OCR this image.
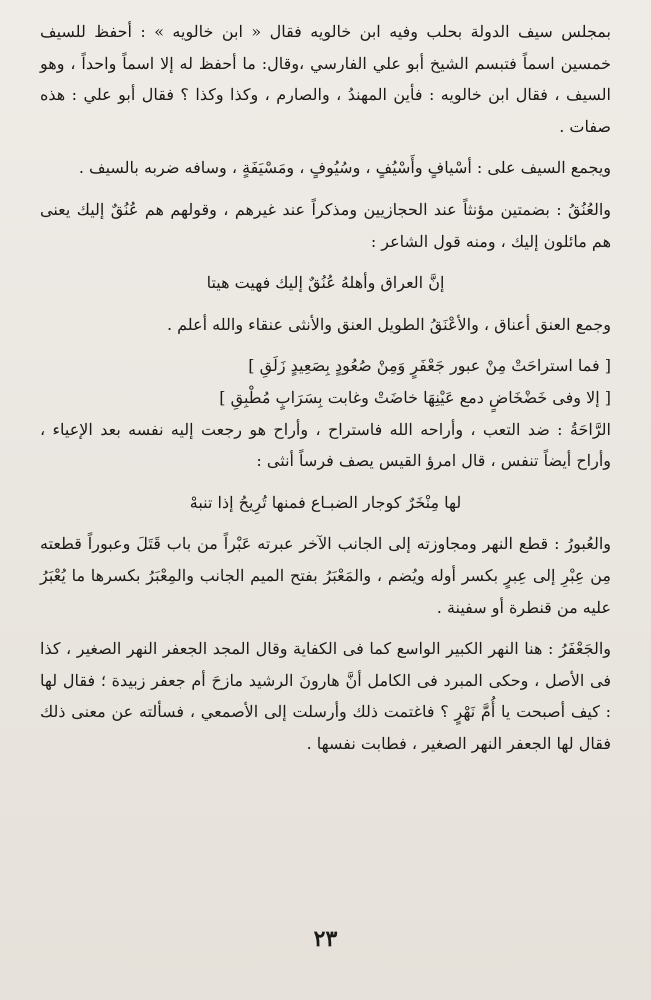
بمجلس سيف الدولة بحلب وفيه ابن خالويه فقال « ابن خالويه » : أحفظ للسيف خمسين اسماً فتبسم الشيخ أبو علي الفارسي ،وقال: ما أحفظ له إلا اسماً واحداً ، وهو السيف ، فقال ابن خالويه : فأين المهندُ ، والصارم ، وكذا وكذا ؟ فقال أبو علي : هذه صفات .

ويجمع السيف على : أسْيافٍ وأَسْيُفٍ ، وسُيُوفٍ ، ومَسْيَفَةٍ ، وسافه ضربه بالسيف .

والعُنُقُ : بضمتين مؤنثاً عند الحجازيين ومذكراً عند غيرهم ، وقولهم هم عُنُقٌ إليك يعنى هم مائلون إليك ، ومنه قول الشاعر :

إنَّ العراق وأهلهُ عُنُقٌ إليك فهيت هيتا

وجمع العنق أعناق ، والأعْنَقُ الطويل العنق والأنثى عنقاء والله أعلم .

[ فما استراحَتْ مِنْ عبور جَعْفَرٍ وَمِنْ صُعُودٍ بِصَعِيدٍ زَلَقِ ]

[ إلا وفى خَضْخَاضٍ دمع عَيْنِهَا خاضَتْ وغابت بِسَرَابٍ مُطْبِقِ ]

الرَّاحَةُ : ضد التعب ، وأراحه الله فاستراح ، وأراح هو رجعت إليه نفسه بعد الإعياء ، وأراح أيضاً تنفس ، قال امرؤ القيس يصف فرساً أنثى :

لها مِنْخَرٌ كوجار الضبـاع فمنها تُرِيحُ إذا تنبهْ

والعُبورُ : قطع النهر ومجاوزته إلى الجانب الآخر عبرته عَبْراً من باب قَتَلَ وعبوراً قطعته مِن عِبْرِ إلى عِبرٍ بكسر أوله ويُضم ، والمَعْبَرُ بفتح الميم الجانب والمِعْبَرُ بكسرها ما يُعْبَرُ عليه من قنطرة أو سفينة .

والجَعْفَرُ : هنا النهر الكبير الواسع كما فى الكفاية وقال المجد الجعفر النهر الصغير ، كذا فى الأصل ، وحكى المبرد فى الكامل أنَّ هارونَ الرشيد مازحَ أم جعفر زبيدة ؛ فقال لها : كيف أصبحت يا أُمَّ نَهْرٍ ؟ فاغتمت ذلك وأرسلت إلى الأصمعي ، فسألته عن معنى ذلك فقال لها الجعفر النهر الصغير ، فطابت نفسها .

٢٣
